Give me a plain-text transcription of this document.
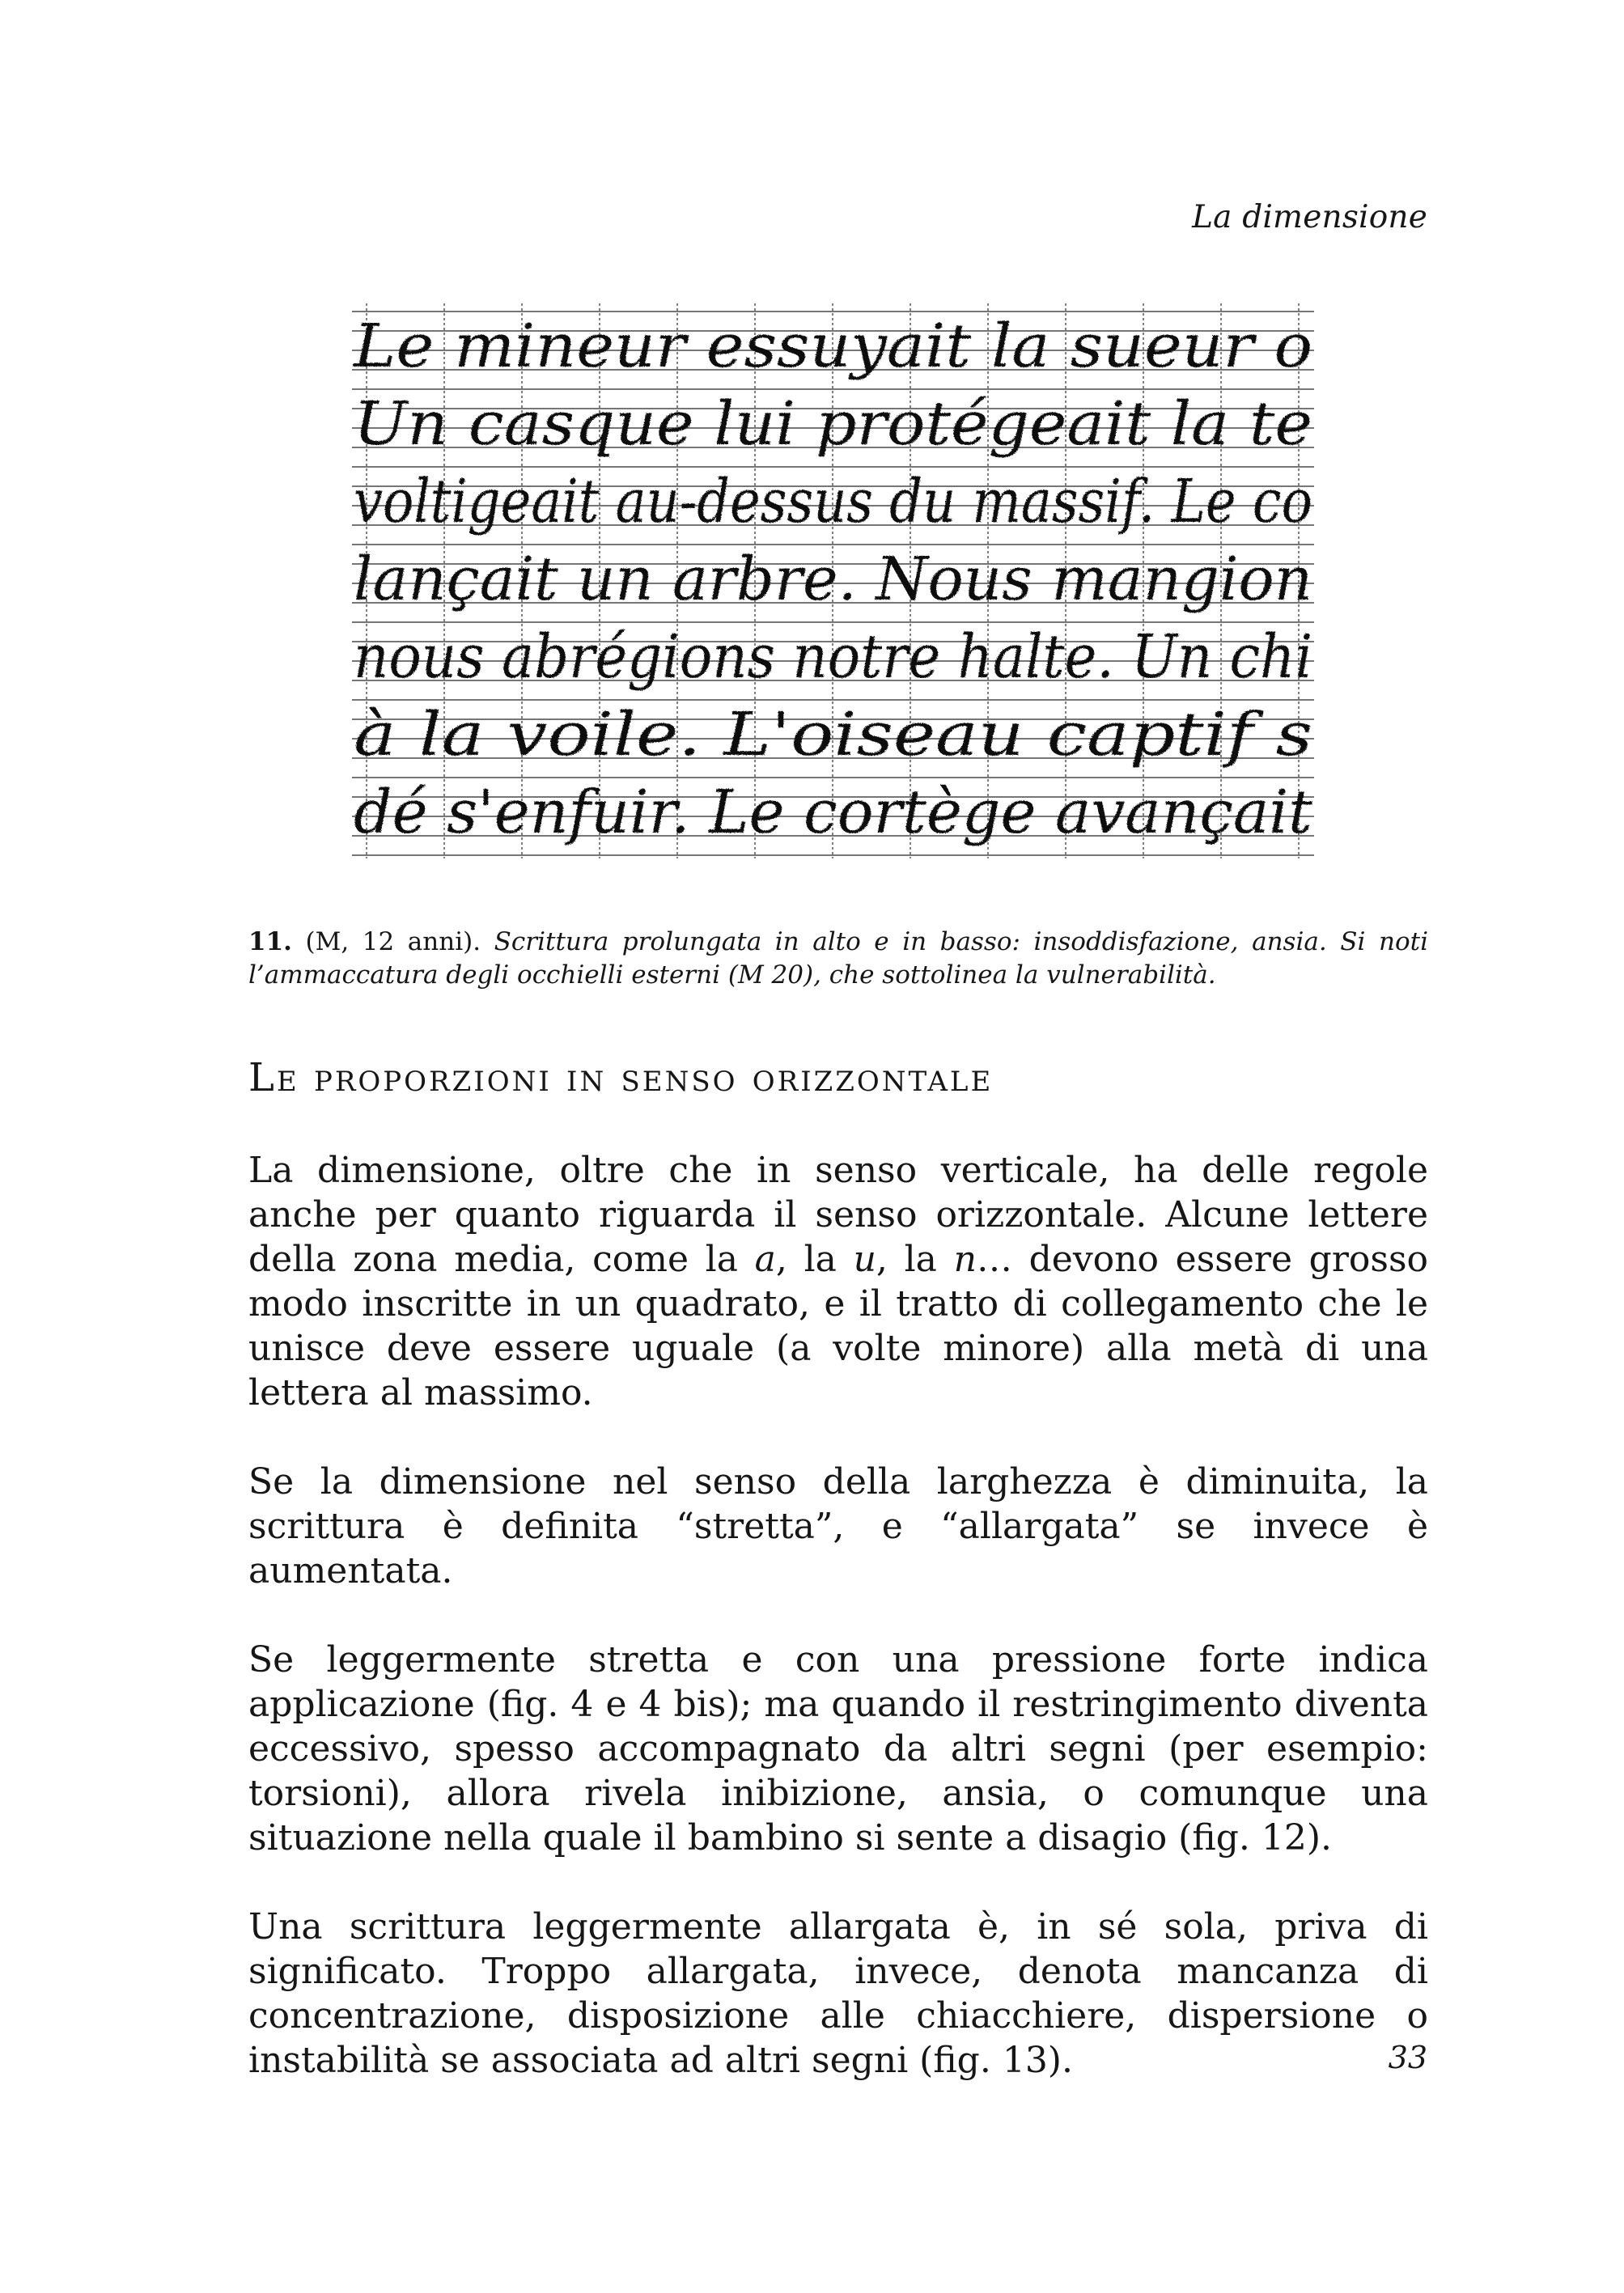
La dimensione
Le mineur essuyait la sueur o
Un casque lui protégeait la te
voltigeait au-dessus du massif. Le co
lançait un arbre. Nous mangion
nous abrégions notre halte. Un chi
à la voile. L'oiseau captif s
dé s'enfuir. Le cortège avançait
11. (M, 12 anni). Scrittura prolungata in alto e in basso: insoddisfazione, ansia. Si noti l’ammaccatura degli occhielli esterni (M 20), che sottolinea la vulnerabilità.
Le proporzioni in senso orizzontale

La dimensione, oltre che in senso verticale, ha delle regole anche per quanto riguarda il senso orizzontale. Alcune lettere della zona media, come la a, la u, la n… devono essere grosso modo inscritte in un quadrato, e il tratto di collegamento che le unisce deve essere uguale (a volte minore) alla metà di una lettera al massimo.

Se la dimensione nel senso della larghezza è diminuita, la scrittura è definita “stretta”, e “allargata” se invece è aumentata.

Se leggermente stretta e con una pressione forte indica applicazione (fig. 4 e 4 bis); ma quando il restringimento diventa eccessivo, spesso accompagnato da altri segni (per esempio: torsioni), allora rivela inibizione, ansia, o comunque una situazione nella quale il bambino si sente a disagio (fig. 12).

Una scrittura leggermente allargata è, in sé sola, priva di significato. Troppo allargata, invece, denota mancanza di concentrazione, disposizione alle chiacchiere, dispersione o instabilità se associata ad altri segni (fig. 13).	33
